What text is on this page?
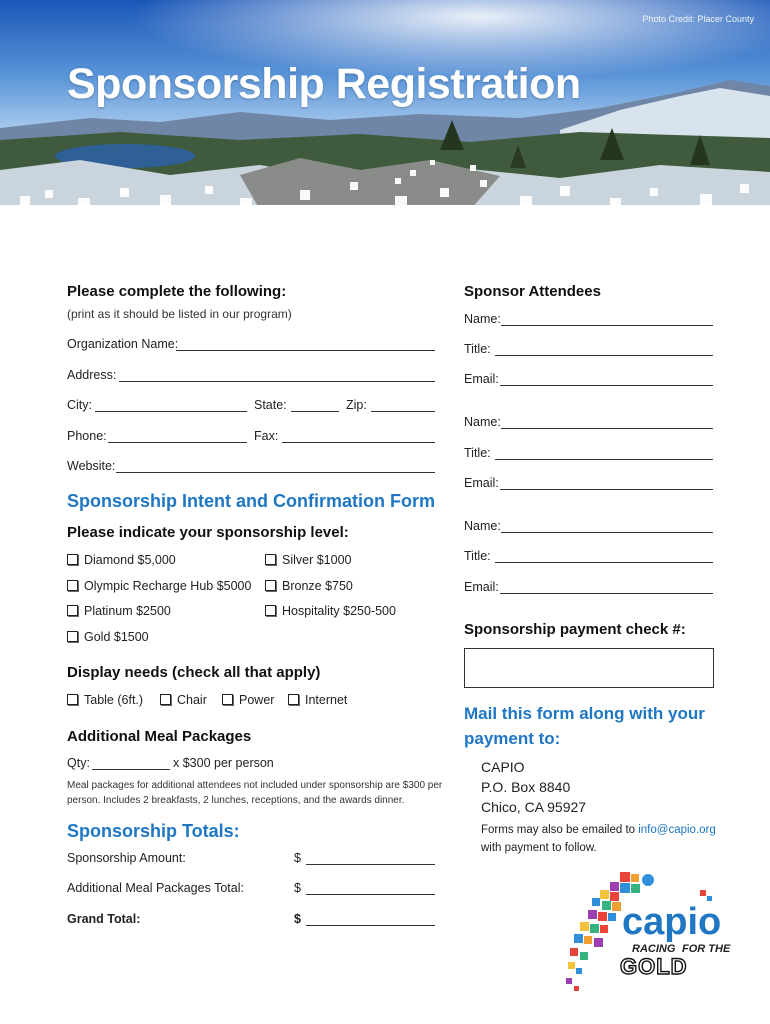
Photo Credit: Placer County
Sponsorship Registration
Please complete the following:
(print as it should be listed in our program)
Organization Name:
Address:
City:	State:	Zip:
Phone:	Fax:
Website:
Sponsorship Intent and Confirmation Form
Please indicate your sponsorship level:
Diamond $5,000	Silver $1000
Olympic Recharge Hub $5000	Bronze $750
Platinum $2500	Hospitality $250-500
Gold $1500
Display needs (check all that apply)
Table (6ft.)	Chair	Power	Internet
Additional Meal Packages
Qty:	x $300 per person
Meal packages for additional attendees not included under sponsorship are $300 per person. Includes 2 breakfasts, 2 lunches, receptions, and the awards dinner.
Sponsorship Totals:
Sponsorship Amount:	$
Additional Meal Packages Total:	$
Grand Total:	$
Sponsor Attendees
Name:
Title:
Email:
Name:
Title:
Email:
Name:
Title:
Email:
Sponsorship payment check #:
Mail this form along with your
payment to:
CAPIO
P.O. Box 8840
Chico, CA 95927
Forms may also be emailed to info@capio.org
with payment to follow.
capio
RACING FOR THE
GOLD
